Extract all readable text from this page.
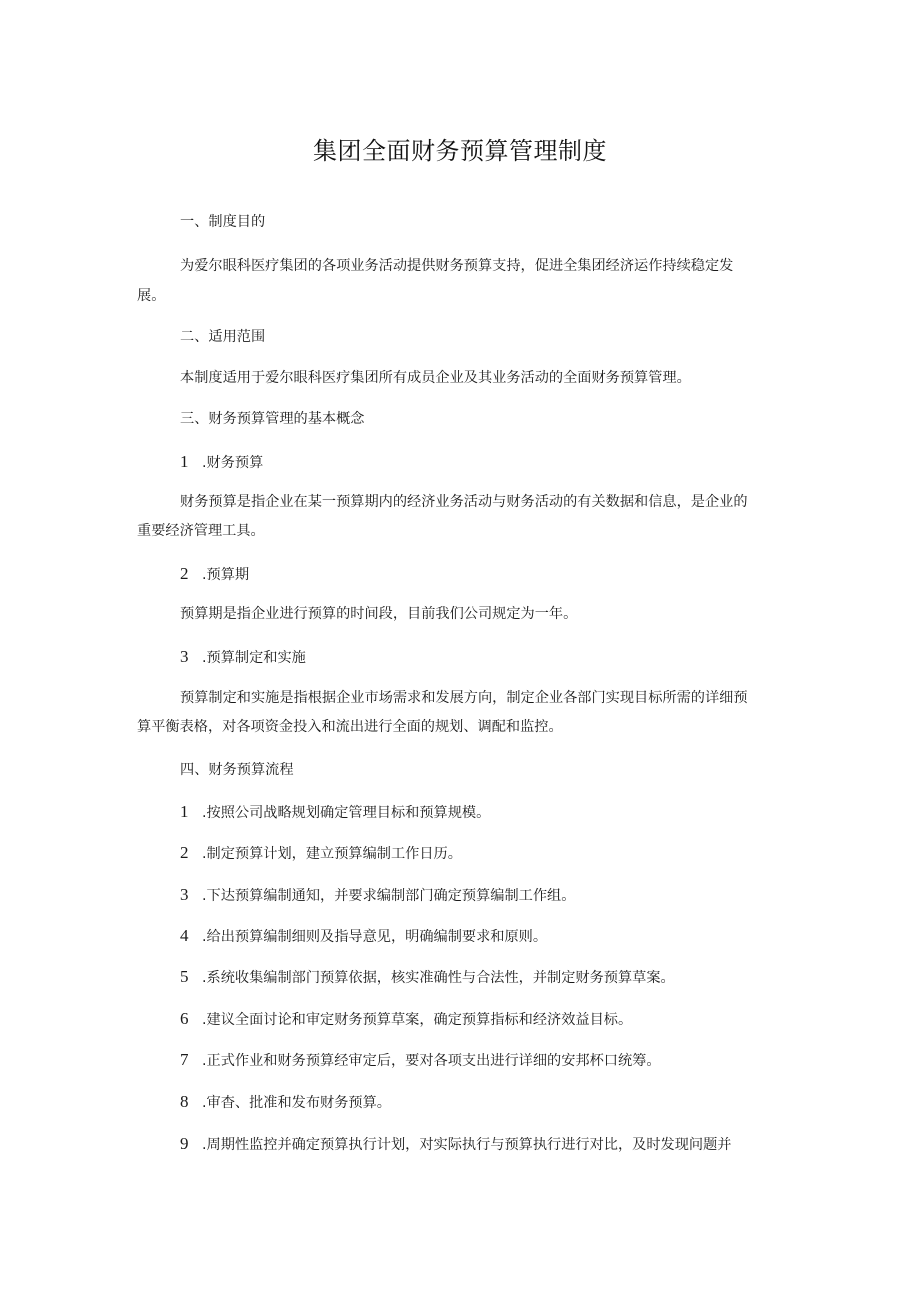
集团全面财务预算管理制度
一、制度目的
为爱尔眼科医疗集团的各项业务活动提供财务预算支持，促进全集团经济运作持续稳定发
展。
二、适用范围
本制度适用于爱尔眼科医疗集团所有成员企业及其业务活动的全面财务预算管理。
三、财务预算管理的基本概念
1 .财务预算
财务预算是指企业在某一预算期内的经济业务活动与财务活动的有关数据和信息，是企业的
重要经济管理工具。
2 .预算期
预算期是指企业进行预算的时间段，目前我们公司规定为一年。
3 .预算制定和实施
预算制定和实施是指根据企业市场需求和发展方向，制定企业各部门实现目标所需的详细预
算平衡表格，对各项资金投入和流出进行全面的规划、调配和监控。
四、财务预算流程
1 .按照公司战略规划确定管理目标和预算规模。
2 .制定预算计划，建立预算编制工作日历。
3 .下达预算编制通知，并要求编制部门确定预算编制工作组。
4 .给出预算编制细则及指导意见，明确编制要求和原则。
5 .系统收集编制部门预算依据，核实准确性与合法性，并制定财务预算草案。
6 .建议全面讨论和审定财务预算草案，确定预算指标和经济效益目标。
7 .正式作业和财务预算经审定后，要对各项支出进行详细的安邦杯口统筹。
8 .审杳、批准和发布财务预算。
9 .周期性监控并确定预算执行计划，对实际执行与预算执行进行对比，及时发现问题并
